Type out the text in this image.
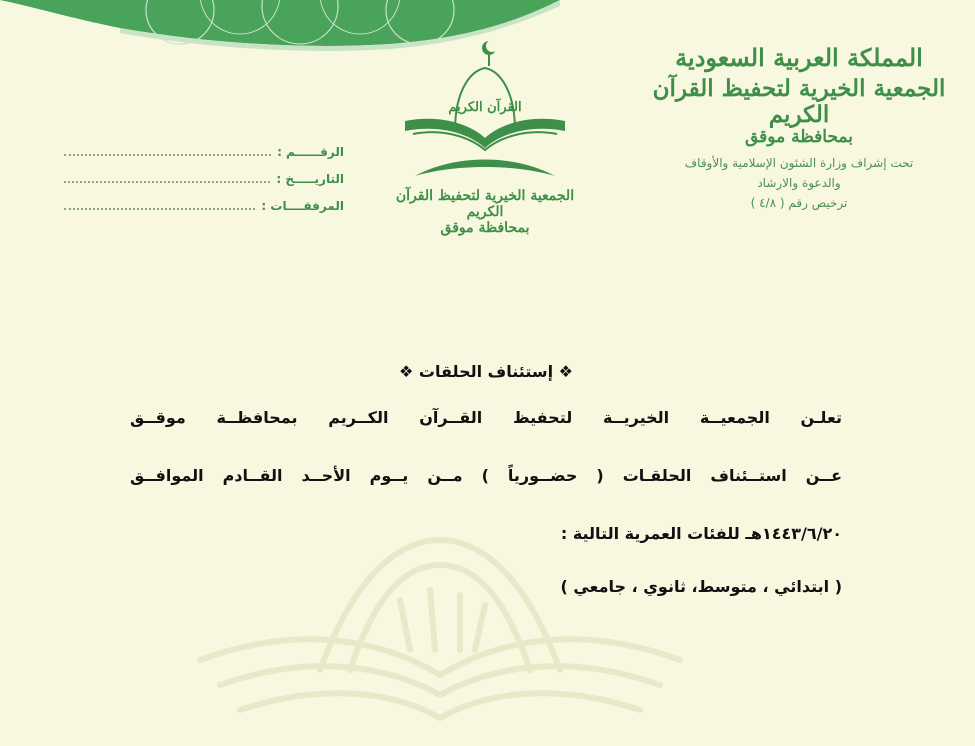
المملكة العربية السعودية
الجمعية الخيرية لتحفيظ القرآن الكريم
بمحافظة موقق
تحت إشراف وزارة الشئون الإسلامية والأوقاف
والدعوة والارشاد
ترخيص رقم ( ٤/٨ )
القرآن الكريم
الجمعية الخيرية لتحفيظ القرآن الكريم
بمحافظة موقق
الرقــــــم :
التاريـــــخ :
المرفقــــات :
❖ إستئناف الحلقات ❖
تعلـن الجمعيــة الخيريــة لتحفيظ القــرآن الكــريم بمحافظــة موقــق
عــن استــئناف الحلقـات ( حضــورياً ) مــن يــوم الأحــد القــادم الموافــق
١٤٤٣/٦/٢٠هـ للفئات العمرية التالية :
( ابتدائي ، متوسط، ثانوي ، جامعي )
